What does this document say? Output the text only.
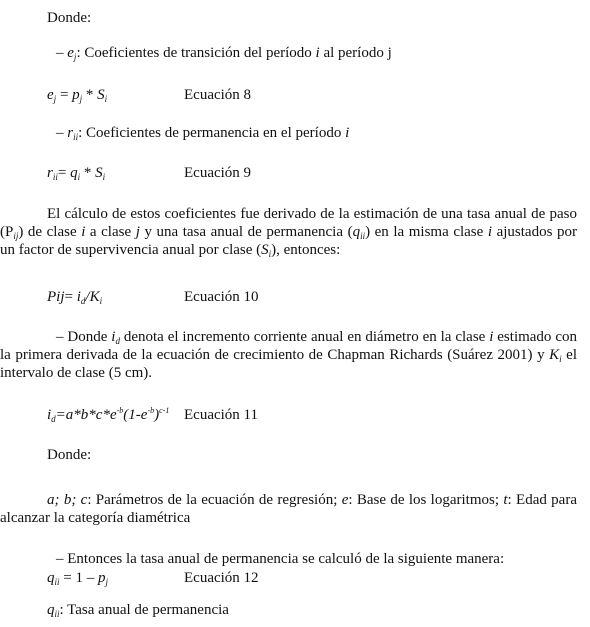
Donde:
– $e_j$: Coeficientes de transición del período i al período j
$e_j = p_j * S_i$	Ecuación 8
– $r_{ii}$: Coeficientes de permanencia en el período i
$r_{ii}= q_i * S_i$	Ecuación 9
El cálculo de estos coeficientes fue derivado de la estimación de una tasa anual de paso $(P_{ij})$ de clase i a clase j y una tasa anual de permanencia $(q_{ii})$ en la misma clase i ajustados por un factor de supervivencia anual por clase $(S_i)$, entonces:
$Pij= i_d/K_i$	Ecuación 10
– Donde $i_d$ denota el incremento corriente anual en diámetro en la clase i estimado con la primera derivada de la ecuación de crecimiento de Chapman Richards (Suárez 2001) y $K_i$ el intervalo de clase (5 cm).
$i_d=a*b*c*e^{-b}(1-e^{-b})^{c-1}$ Ecuación 11
Donde:
a; b; c: Parámetros de la ecuación de regresión; e: Base de los logaritmos; t: Edad para alcanzar la categoría diamétrica
– Entonces la tasa anual de permanencia se calculó de la siguiente manera:
$q_{ii} = 1 - p_j$	Ecuación 12
$q_{ii}$: Tasa anual de permanencia
